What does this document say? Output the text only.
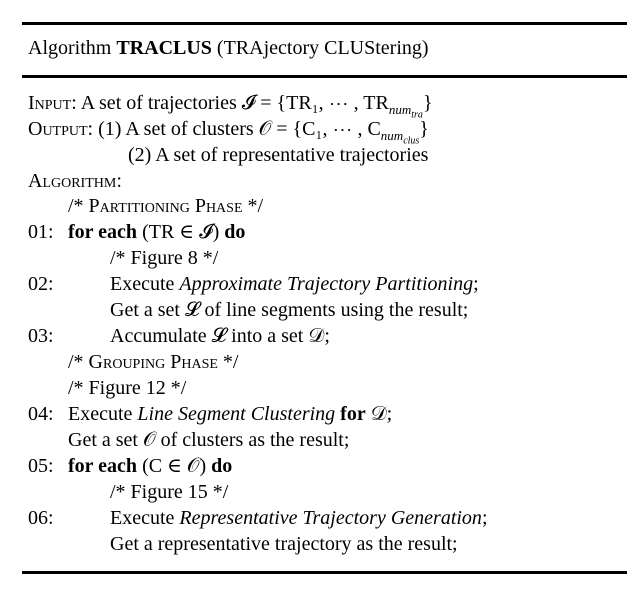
Algorithm TRACLUS (TRAjectory CLUStering)
Input: A set of trajectories 𝓘 = {TR₁, ⋯ , $TR_{num_{tra}}$}
Output: (1) A set of clusters 𝒪 = {C₁, ⋯ , $C_{num_{clus}}$}
(2) A set of representative trajectories
Algorithm:
/* Partitioning Phase */
01: for each (TR ∈ 𝓘) do
/* Figure 8 */
02:	Execute Approximate Trajectory Partitioning;
Get a set 𝓛 of line segments using the result;
03:	Accumulate 𝓛 into a set 𝒟;
/* Grouping Phase */
/* Figure 12 */
04: Execute Line Segment Clustering for 𝒟;
Get a set 𝒪 of clusters as the result;
05: for each (C ∈ 𝒪) do
/* Figure 15 */
06:	Execute Representative Trajectory Generation;
Get a representative trajectory as the result;
